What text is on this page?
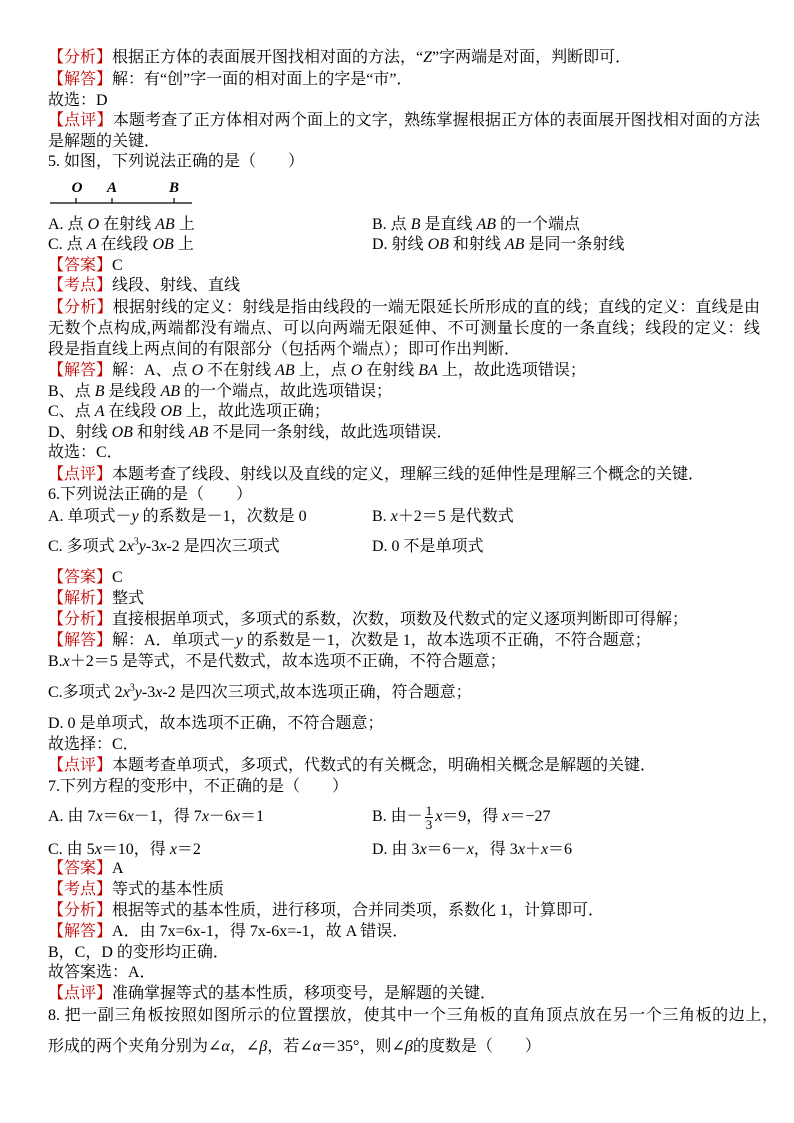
【分析】根据正方体的表面展开图找相对面的方法，“Z”字两端是对面，判断即可．
【解答】解：有“创”字一面的相对面上的字是“市”．
故选：D
【点评】本题考查了正方体相对两个面上的文字，熟练掌握根据正方体的表面展开图找相对面的方法
是解题的关键．
5. 如图，下列说法正确的是（　　）
O A	B
A. 点 O 在射线 AB 上	B. 点 B 是直线 AB 的一个端点
C. 点 A 在线段 OB 上	D. 射线 OB 和射线 AB 是同一条射线
【答案】C
【考点】线段、射线、直线
【分析】根据射线的定义：射线是指由线段的一端无限延长所形成的直的线；直线的定义：直线是由
无数个点构成,两端都没有端点、可以向两端无限延伸、不可测量长度的一条直线；线段的定义：线
段是指直线上两点间的有限部分（包括两个端点）；即可作出判断．
【解答】解：A、点 O 不在射线 AB 上，点 O 在射线 BA 上，故此选项错误；
B、点 B 是线段 AB 的一个端点，故此选项错误；
C、点 A 在线段 OB 上，故此选项正确；
D、射线 OB 和射线 AB 不是同一条射线，故此选项错误．
故选：C．
【点评】本题考查了线段、射线以及直线的定义，理解三线的延伸性是理解三个概念的关键．
6.下列说法正确的是（　　）
A. 单项式－y 的系数是－1，次数是 0	B. x＋2＝5 是代数式
C. 多项式 $2x^3y-3x-2$ 是四次三项式	D. 0 不是单项式
【答案】C
【解析】整式
【分析】直接根据单项式，多项式的系数，次数，项数及代数式的定义逐项判断即可得解；
【解答】解：A．单项式－y 的系数是－1，次数是 1，故本选项不正确，不符合题意；
B.x＋2＝5 是等式，不是代数式，故本选项不正确，不符合题意；
C.多项式 $2x^3y-3x-2$ 是四次三项式,故本选项正确，符合题意；
D. 0 是单项式，故本选项不正确，不符合题意；
故选择：C．
【点评】本题考查单项式，多项式，代数式的有关概念，明确相关概念是解题的关键．
7.下列方程的变形中，不正确的是（　　）
A. 由 7x＝6x－1，得 7x－6x＝1	B. 由－ $\frac{1}{3} x=9$，得 x＝−27
C. 由 5x＝10，得 x＝2	D. 由 3x＝6－x，得 3x＋x＝6
【答案】A
【考点】等式的基本性质
【分析】根据等式的基本性质，进行移项，合并同类项，系数化 1，计算即可．
【解答】A．由 7x=6x-1，得 7x-6x=-1，故 A 错误．
B，C，D 的变形均正确．
故答案选：A．
【点评】准确掌握等式的基本性质，移项变号，是解题的关键．
8. 把一副三角板按照如图所示的位置摆放，使其中一个三角板的直角顶点放在另一个三角板的边上，
形成的两个夹角分别为∠α，∠β，若∠α＝35°，则∠β的度数是（　　）
